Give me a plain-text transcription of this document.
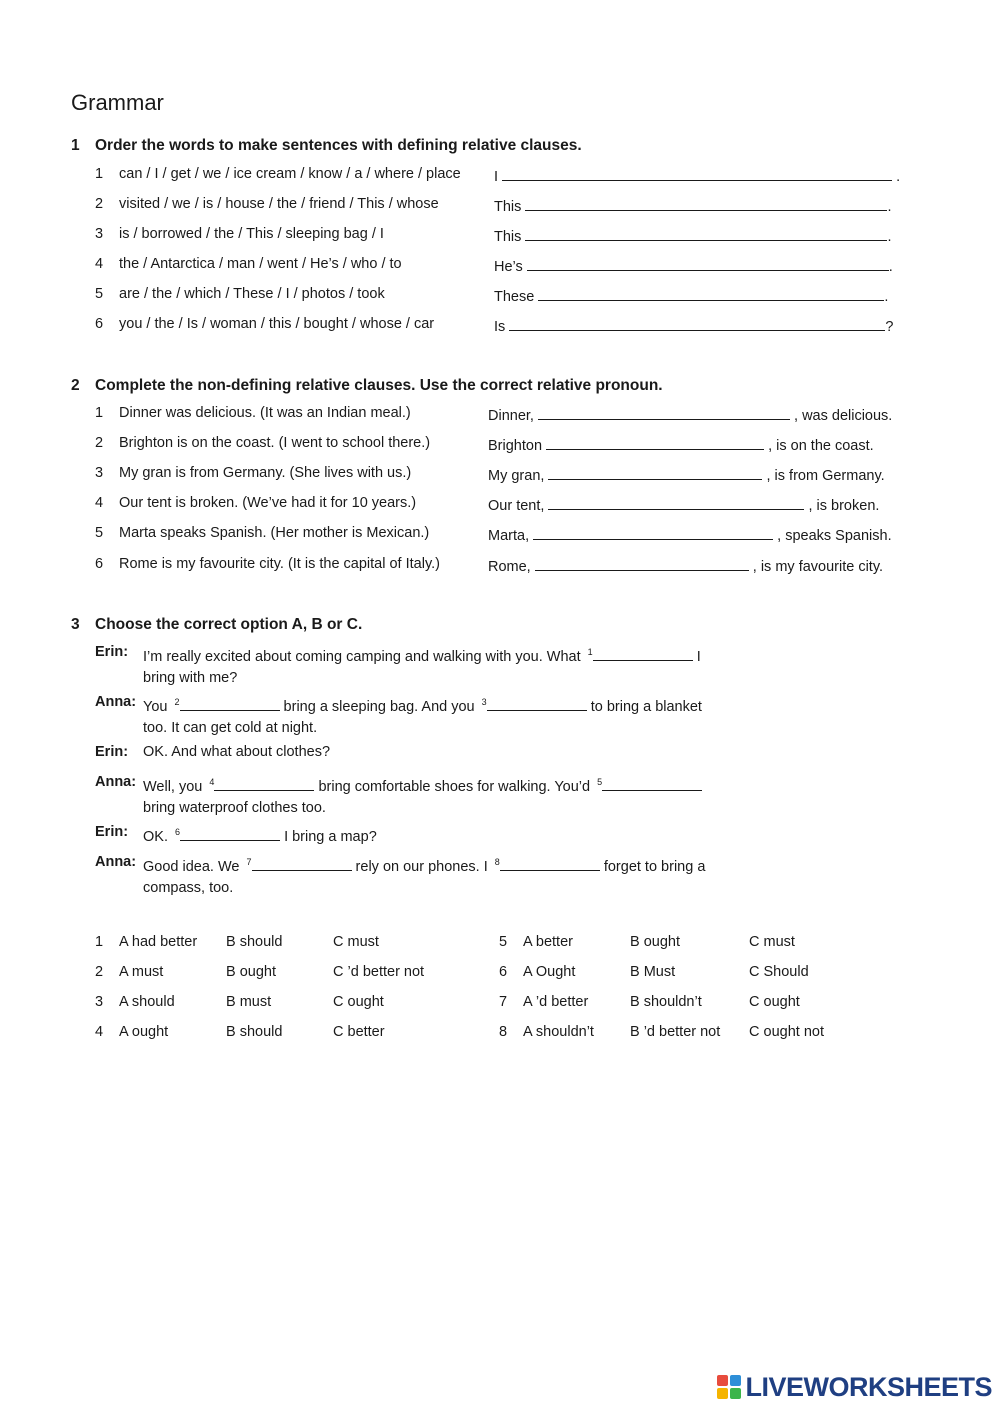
Grammar
1 Order the words to make sentences with defining relative clauses.
1 can / I / get / we / ice cream / know / a / where / place I	.
2 visited / we / is / house / the / friend / This / whose	This	.
3 is / borrowed / the / This / sleeping bag / I	This	.
4 the / Antarctica / man / went / He’s / who / to	He’s	.
5 are / the / which / These / I / photos / took	These	.
6 you / the / Is / woman / this / bought / whose / car	Is	?
2 Complete the non-defining relative clauses. Use the correct relative pronoun.
1 Dinner was delicious. (It was an Indian meal.)	Dinner,	, was delicious.
2 Brighton is on the coast. (I went to school there.)	Brighton	, is on the coast.
3 My gran is from Germany. (She lives with us.)	My gran,	, is from Germany.
4 Our tent is broken. (We’ve had it for 10 years.)	Our tent,	, is broken.
5 Marta speaks Spanish. (Her mother is Mexican.)	Marta,	, speaks Spanish.
6 Rome is my favourite city. (It is the capital of Italy.)	Rome,	, is my favourite city.
3 Choose the correct option A, B or C.
Erin: I’m really excited about coming camping and walking with you. What $^1$	I
bring with me?
Anna: You $^2$	bring a sleeping bag. And you $^3$	to bring a blanket
too. It can get cold at night.
Erin: OK. And what about clothes?
Anna: Well, you $^4$	bring comfortable shoes for walking. You’d $^5$
bring waterproof clothes too.
Erin: OK. $^6$	I bring a map?
Anna: Good idea. We $^7$	rely on our phones. I $^8$	forget to bring a
compass, too.
1 A had better B should	C must
2 A must	B ought	C ’d better not
3 A should	B must	C ought
4 A ought	B should	C better
5 A better	B ought	C must
6 A Ought	B Must	C Should
7 A ’d better	B shouldn’t	C ought
8 A shouldn’t B ’d better not C ought not
LIVEWORKSHEETS
